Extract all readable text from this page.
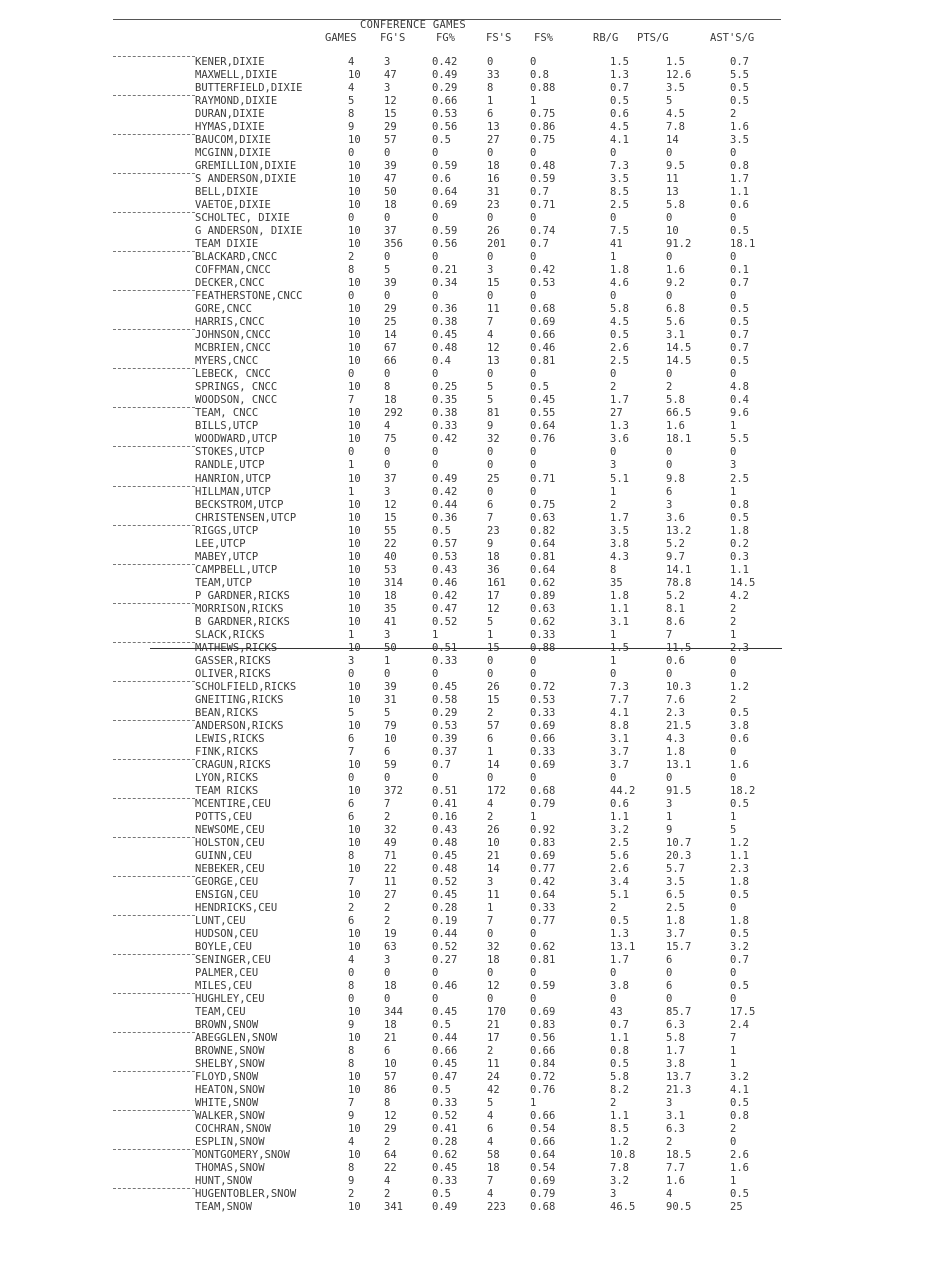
CONFERENCE GAMES
GAMES FG'S	FG%	FS'S FS%	RB/G PTS/G	AST'S/G
KENER,DIXIE	4	3	0.42	0	0	1.5	1.5	0.7
MAXWELL,DIXIE	10 47	0.49	33	0.8	1.3	12.6	5.5
BUTTERFIELD,DIXIE	4	3	0.29	8	0.88	0.7	3.5	0.5
RAYMOND,DIXIE	5	12	0.66	1	1	0.5	5	0.5
DURAN,DIXIE	8	15	0.53	6	0.75	0.6	4.5	2
HYMAS,DIXIE	9	29	0.56	13	0.86	4.5	7.8	1.6
BAUCOM,DIXIE	10 57	0.5	27	0.75	4.1	14	3.5
MCGINN,DIXIE	0	0	0	0	0	0	0	0
GREMILLION,DIXIE	10 39	0.59	18	0.48	7.3	9.5	0.8
S ANDERSON,DIXIE	10 47	0.6	16	0.59	3.5	11	1.7
BELL,DIXIE	10 50	0.64	31	0.7	8.5	13	1.1
VAETOE,DIXIE	10 18	0.69	23	0.71	2.5	5.8	0.6
SCHOLTEC, DIXIE	0	0	0	0	0	0	0	0
G ANDERSON, DIXIE	10 37	0.59	26	0.74	7.5	10	0.5
TEAM DIXIE	10 356	0.56	201 0.7	41	91.2	18.1
BLACKARD,CNCC	2	0	0	0	0	1	0	0
COFFMAN,CNCC	8	5	0.21	3	0.42	1.8	1.6	0.1
DECKER,CNCC	10 39	0.34	15	0.53	4.6	9.2	0.7
FEATHERSTONE,CNCC	0	0	0	0	0	0	0	0
GORE,CNCC	10 29	0.36	11	0.68	5.8	6.8	0.5
HARRIS,CNCC	10 25	0.38	7	0.69	4.5	5.6	0.5
JOHNSON,CNCC	10 14	0.45	4	0.66	0.5	3.1	0.7
MCBRIEN,CNCC	10 67	0.48	12	0.46	2.6	14.5	0.7
MYERS,CNCC	10 66	0.4	13	0.81	2.5	14.5	0.5
LEBECK, CNCC	0	0	0	0	0	0	0	0
SPRINGS, CNCC	10 8	0.25	5	0.5	2	2	4.8
WOODSON, CNCC	7	18	0.35	5	0.45	1.7	5.8	0.4
TEAM, CNCC	10 292	0.38	81	0.55	27	66.5	9.6
BILLS,UTCP	10 4	0.33	9	0.64	1.3	1.6	1
WOODWARD,UTCP	10 75	0.42	32	0.76	3.6	18.1	5.5
STOKES,UTCP	0	0	0	0	0	0	0	0
RANDLE,UTCP	1	0	0	0	0	3	0	3
HANRION,UTCP	10 37	0.49	25	0.71	5.1	9.8	2.5
HILLMAN,UTCP	1	3	0.42	0	0	1	6	1
BECKSTROM,UTCP	10 12	0.44	6	0.75	2	3	0.8
CHRISTENSEN,UTCP	10 15	0.36	7	0.63	1.7	3.6	0.5
RIGGS,UTCP	10 55	0.5	23	0.82	3.5	13.2	1.8
LEE,UTCP	10 22	0.57	9	0.64	3.8	5.2	0.2
MABEY,UTCP	10 40	0.53	18	0.81	4.3	9.7	0.3
CAMPBELL,UTCP	10 53	0.43	36	0.64	8	14.1	1.1
TEAM,UTCP	10 314	0.46	161 0.62	35	78.8	14.5
P GARDNER,RICKS	10 18	0.42	17	0.89	1.8	5.2	4.2
MORRISON,RICKS	10 35	0.47	12	0.63	1.1	8.1	2
B GARDNER,RICKS	10 41	0.52	5	0.62	3.1	8.6	2
SLACK,RICKS	1	3	1	1	0.33	1	7	1
MATHEWS,RICKS	10 50	0.51	15	0.88	1.5	11.5	2.3
GASSER,RICKS	3	1	0.33	0	0	1	0.6	0
OLIVER,RICKS	0	0	0	0	0	0	0	0
SCHOLFIELD,RICKS	10 39	0.45	26	0.72	7.3	10.3	1.2
GNEITING,RICKS	10 31	0.58	15	0.53	7.7	7.6	2
BEAN,RICKS	5	5	0.29	2	0.33	4.1	2.3	0.5
ANDERSON,RICKS	10 79	0.53	57	0.69	8.8	21.5	3.8
LEWIS,RICKS	6	10	0.39	6	0.66	3.1	4.3	0.6
FINK,RICKS	7	6	0.37	1	0.33	3.7	1.8	0
CRAGUN,RICKS	10 59	0.7	14	0.69	3.7	13.1	1.6
LYON,RICKS	0	0	0	0	0	0	0	0
TEAM RICKS	10 372	0.51	172 0.68	44.2	91.5	18.2
MCENTIRE,CEU	6	7	0.41	4	0.79	0.6	3	0.5
POTTS,CEU	6	2	0.16	2	1	1.1	1	1
NEWSOME,CEU	10 32	0.43	26	0.92	3.2	9	5
HOLSTON,CEU	10 49	0.48	10	0.83	2.5	10.7	1.2
GUINN,CEU	8	71	0.45	21	0.69	5.6	20.3	1.1
NEBEKER,CEU	10 22	0.48	14	0.77	2.6	5.7	2.3
GEORGE,CEU	7	11	0.52	3	0.42	3.4	3.5	1.8
ENSIGN,CEU	10 27	0.45	11	0.64	5.1	6.5	0.5
HENDRICKS,CEU	2	2	0.28	1	0.33	2	2.5	0
LUNT,CEU	6	2	0.19	7	0.77	0.5	1.8	1.8
HUDSON,CEU	10 19	0.44	0	0	1.3	3.7	0.5
BOYLE,CEU	10 63	0.52	32	0.62	13.1	15.7	3.2
SENINGER,CEU	4	3	0.27	18	0.81	1.7	6	0.7
PALMER,CEU	0	0	0	0	0	0	0	0
MILES,CEU	8	18	0.46	12	0.59	3.8	6	0.5
HUGHLEY,CEU	0	0	0	0	0	0	0	0
TEAM,CEU	10 344	0.45	170 0.69	43	85.7	17.5
BROWN,SNOW	9	18	0.5	21	0.83	0.7	6.3	2.4
ABEGGLEN,SNOW	10 21	0.44	17	0.56	1.1	5.8	7
BROWNE,SNOW	8	6	0.66	2	0.66	0.8	1.7	1
SHELBY,SNOW	8	10	0.45	11	0.84	0.5	3.8	1
FLOYD,SNOW	10 57	0.47	24	0.72	5.8	13.7	3.2
HEATON,SNOW	10 86	0.5	42	0.76	8.2	21.3	4.1
WHITE,SNOW	7	8	0.33	5	1	2	3	0.5
WALKER,SNOW	9	12	0.52	4	0.66	1.1	3.1	0.8
COCHRAN,SNOW	10 29	0.41	6	0.54	8.5	6.3	2
ESPLIN,SNOW	4	2	0.28	4	0.66	1.2	2	0
MONTGOMERY,SNOW	10 64	0.62	58	0.64	10.8	18.5	2.6
THOMAS,SNOW	8	22	0.45	18	0.54	7.8	7.7	1.6
HUNT,SNOW	9	4	0.33	7	0.69	3.2	1.6	1
HUGENTOBLER,SNOW	2	2	0.5	4	0.79	3	4	0.5
TEAM,SNOW	10 341	0.49	223 0.68	46.5	90.5	25
